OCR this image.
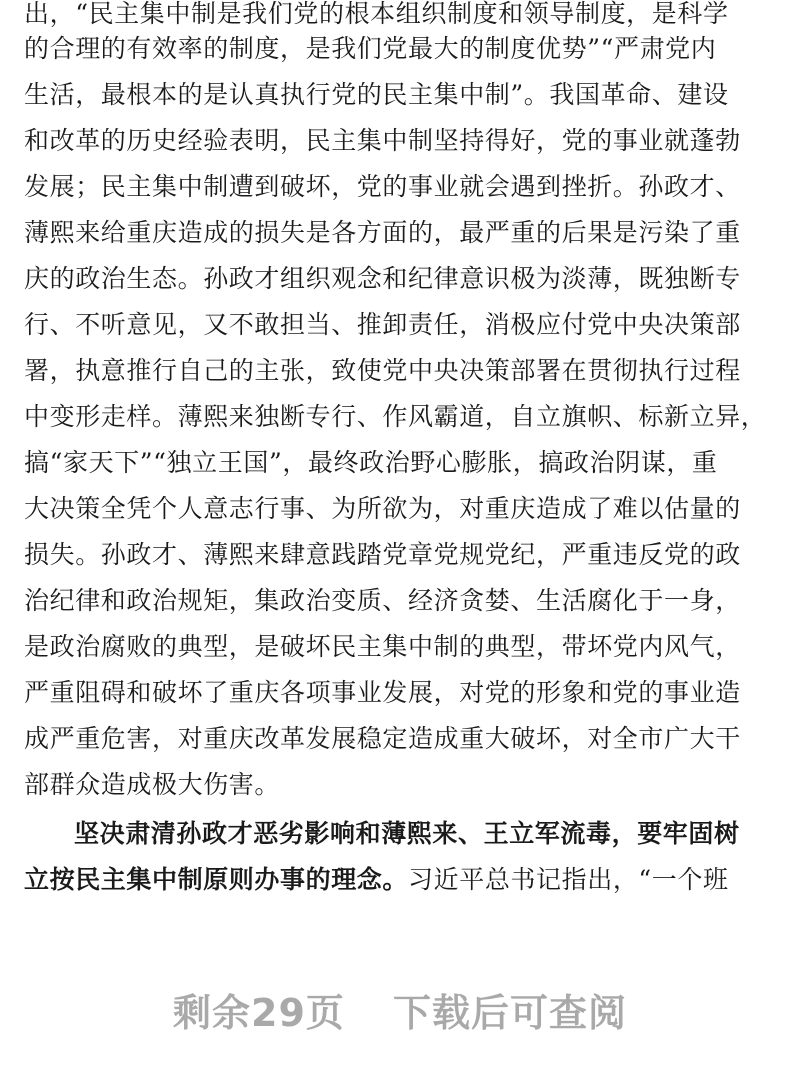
出，“民主集中制是我们党的根本组织制度和领导制度，是科学
的合理的有效率的制度，是我们党最大的制度优势”“严肃党内
生活，最根本的是认真执行党的民主集中制”。我国革命、建设
和改革的历史经验表明，民主集中制坚持得好，党的事业就蓬勃
发展；民主集中制遭到破坏，党的事业就会遇到挫折。孙政才、
薄熙来给重庆造成的损失是各方面的，最严重的后果是污染了重
庆的政治生态。孙政才组织观念和纪律意识极为淡薄，既独断专
行、不听意见，又不敢担当、推卸责任，消极应付党中央决策部
署，执意推行自己的主张，致使党中央决策部署在贯彻执行过程
中变形走样。薄熙来独断专行、作风霸道，自立旗帜、标新立异，
搞“家天下”“独立王国”，最终政治野心膨胀，搞政治阴谋，重
大决策全凭个人意志行事、为所欲为，对重庆造成了难以估量的
损失。孙政才、薄熙来肆意践踏党章党规党纪，严重违反党的政
治纪律和政治规矩，集政治变质、经济贪婪、生活腐化于一身，
是政治腐败的典型，是破坏民主集中制的典型，带坏党内风气，
严重阻碍和破坏了重庆各项事业发展，对党的形象和党的事业造
成严重危害，对重庆改革发展稳定造成重大破坏，对全市广大干
部群众造成极大伤害。
坚决肃清孙政才恶劣影响和薄熙来、王立军流毒，要牢固树
立按民主集中制原则办事的理念。习近平总书记指出，“一个班
剩余29页 下载后可查阅
